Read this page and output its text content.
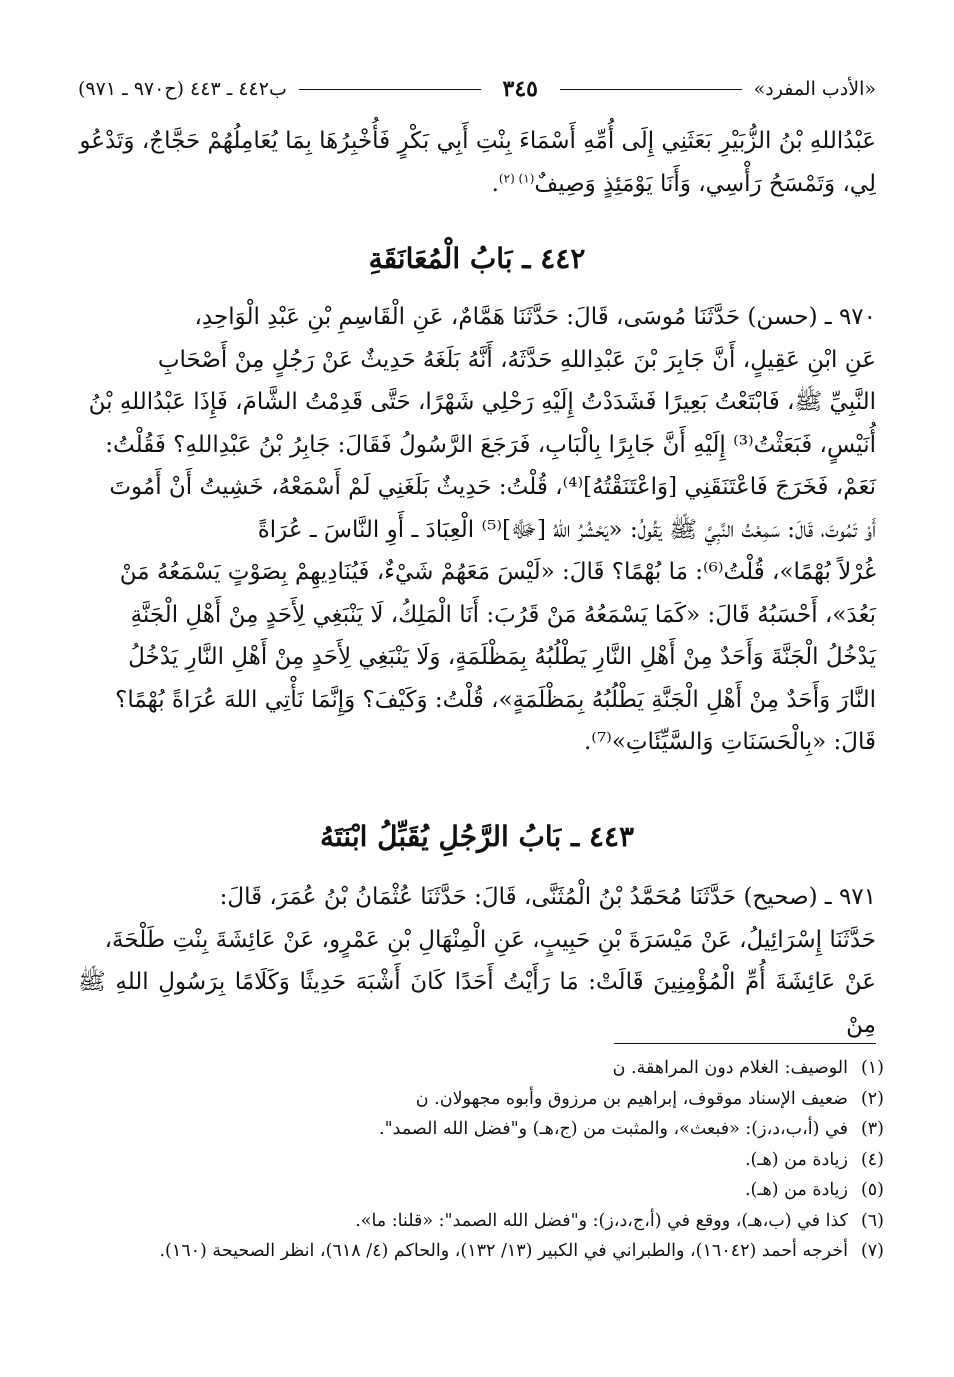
«الأدب المفرد»
٣٤٥
ب٤٤٢ ـ ٤٤٣ (ح٩٧٠ ـ ٩٧١)
عَبْدُاللهِ بْنُ الزُّبَيْرِ بَعَثَنِي إِلَى أُمِّهِ أَسْمَاءَ بِنْتِ أَبِي بَكْرٍ فَأُخْبِرُهَا بِمَا يُعَامِلُهُمْ حَجَّاجٌ، وَتَدْعُو
لِي، وَتَمْسَحُ رَأْسِي، وَأَنَا يَوْمَئِذٍ وَصِيفٌ$^{(١) (٢)}$.
٤٤٢ ـ بَابُ الْمُعَانَقَةِ
٩٧٠ ـ (حسن) حَدَّثَنَا مُوسَى، قَالَ: حَدَّثَنَا هَمَّامٌ، عَنِ الْقَاسِمِ بْنِ عَبْدِ الْوَاحِدِ،
عَنِ ابْنِ عَقِيلٍ، أَنَّ جَابِرَ بْنَ عَبْدِاللهِ حَدَّثَهُ، أَنَّهُ بَلَغَهُ حَدِيثٌ عَنْ رَجُلٍ مِنْ أَصْحَابِ
النَّبِيِّ ﷺ، فَابْتَعْتُ بَعِيرًا فَشَدَدْتُ إِلَيْهِ رَحْلِي شَهْرًا، حَتَّى قَدِمْتُ الشَّامَ، فَإِذَا عَبْدُاللهِ بْنُ
أُنَيْسٍ، فَبَعَثْتُ⁽³⁾ إِلَيْهِ أَنَّ جَابِرًا بِالْبَابِ، فَرَجَعَ الرَّسُولُ فَقَالَ: جَابِرُ بْنُ عَبْدِاللهِ؟ فَقُلْتُ:
نَعَمْ، فَخَرَجَ فَاعْتَنَقَنِي [وَاعْتَنَقْتُهُ]⁽⁴⁾، قُلْتُ: حَدِيثٌ بَلَغَنِي لَمْ أَسْمَعْهُ، خَشِيتُ أَنْ أَمُوتَ
أَوْ تَمُوتَ، قَالَ: سَمِعْتُ النَّبِيَّ ﷺ يَقُولُ: «يَحْشُرُ اللهُ [ﷻ]⁽⁵⁾ الْعِبَادَ ـ أَوِ النَّاسَ ـ عُرَاةً
غُرْلاً بُهْمًا»، قُلْتُ⁽⁶⁾: مَا بُهْمًا؟ قَالَ: «لَيْسَ مَعَهُمْ شَيْءٌ، فَيُنَادِيهِمْ بِصَوْتٍ يَسْمَعُهُ مَنْ
بَعُدَ»، أَحْسَبُهُ قَالَ: «كَمَا يَسْمَعُهُ مَنْ قَرُبَ: أَنَا الْمَلِكُ، لَا يَنْبَغِي لِأَحَدٍ مِنْ أَهْلِ الْجَنَّةِ
يَدْخُلُ الْجَنَّةَ وَأَحَدٌ مِنْ أَهْلِ النَّارِ يَطْلُبُهُ بِمَظْلَمَةٍ، وَلَا يَنْبَغِي لِأَحَدٍ مِنْ أَهْلِ النَّارِ يَدْخُلُ
النَّارَ وَأَحَدٌ مِنْ أَهْلِ الْجَنَّةِ يَطْلُبُهُ بِمَظْلَمَةٍ»، قُلْتُ: وَكَيْفَ؟ وَإِنَّمَا نَأْتِي اللهَ عُرَاةً بُهْمًا؟
قَالَ: «بِالْحَسَنَاتِ وَالسَّيِّئَاتِ»⁽⁷⁾.
٤٤٣ ـ بَابُ الرَّجُلِ يُقَبِّلُ ابْنَتَهُ
٩٧١ ـ (صحيح) حَدَّثَنَا مُحَمَّدُ بْنُ الْمُثَنَّى، قَالَ: حَدَّثَنَا عُثْمَانُ بْنُ عُمَرَ، قَالَ:
حَدَّثَنَا إِسْرَائِيلُ، عَنْ مَيْسَرَةَ بْنِ حَبِيبٍ، عَنِ الْمِنْهَالِ بْنِ عَمْرٍو، عَنْ عَائِشَةَ بِنْتِ طَلْحَةَ،
عَنْ عَائِشَةَ أُمِّ الْمُؤْمِنِينَ قَالَتْ: مَا رَأَيْتُ أَحَدًا كَانَ أَشْبَهَ حَدِيثًا وَكَلَامًا بِرَسُولِ اللهِ ﷺ مِنْ
(١)
الوصيف: الغلام دون المراهقة. ن
(٢)
ضعيف الإسناد موقوف، إبراهيم بن مرزوق وأبوه مجهولان. ن
(٣)
في (أ،ب،د،ز): «فبعث»، والمثبت من (ج،هـ) و"فضل الله الصمد".
(٤)
زيادة من (هـ).
(٥)
زيادة من (هـ).
(٦)
كذا في (ب،هـ)، ووقع في (أ،ج،د،ز): و"فضل الله الصمد": «قلنا: ما».
(٧)
أخرجه أحمد (١٦٠٤٢)، والطبراني في الكبير (١٣/ ١٣٢)، والحاكم (٤/ ٦١٨)، انظر الصحيحة (١٦٠).
